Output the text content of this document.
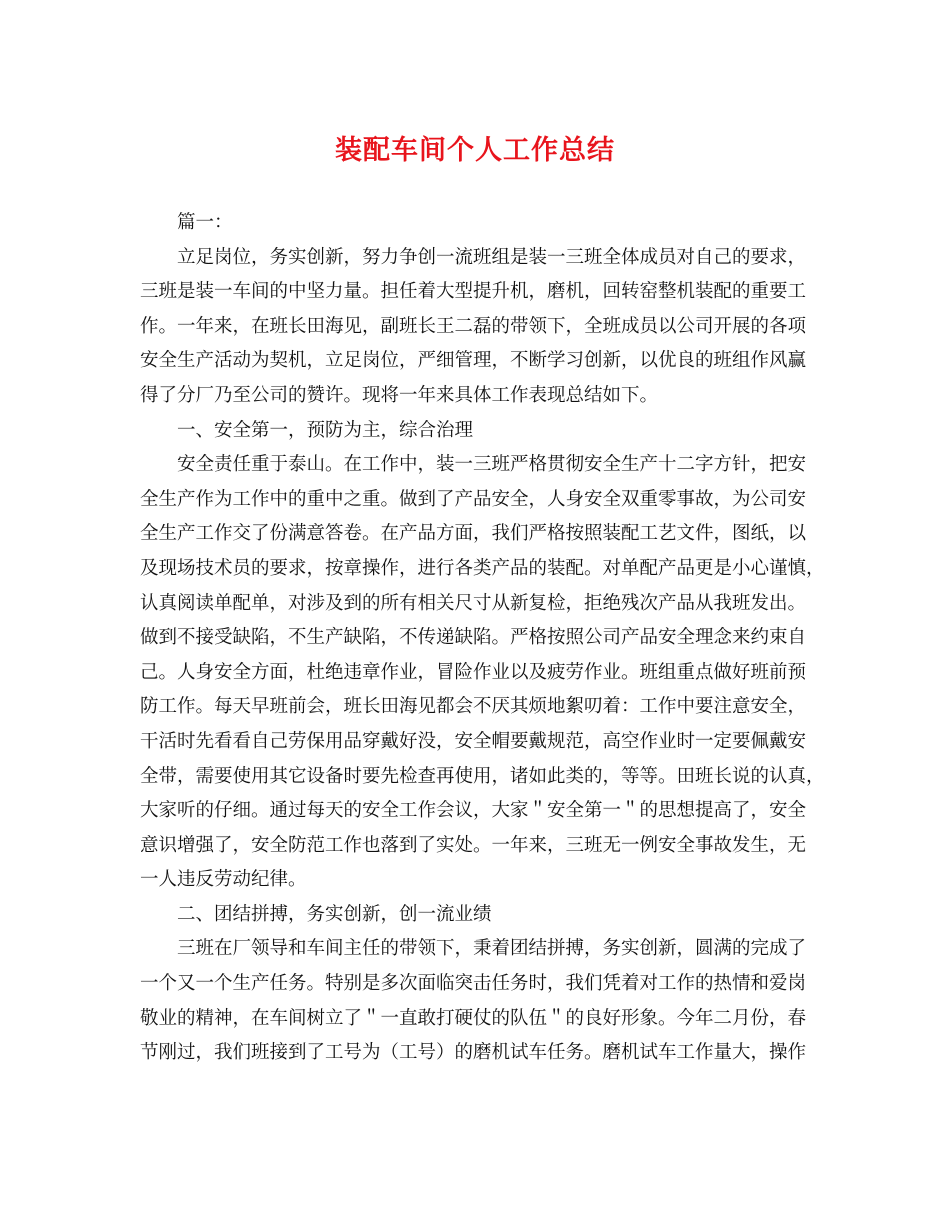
装配车间个人工作总结
篇一：
立足岗位，务实创新，努力争创一流班组是装一三班全体成员对自己的要求，
三班是装一车间的中坚力量。担任着大型提升机，磨机，回转窑整机装配的重要工
作。一年来，在班长田海见，副班长王二磊的带领下，全班成员以公司开展的各项
安全生产活动为契机，立足岗位，严细管理，不断学习创新，以优良的班组作风赢
得了分厂乃至公司的赞许。现将一年来具体工作表现总结如下。
一、安全第一，预防为主，综合治理
安全责任重于泰山。在工作中，装一三班严格贯彻安全生产十二字方针，把安
全生产作为工作中的重中之重。做到了产品安全，人身安全双重零事故，为公司安
全生产工作交了份满意答卷。在产品方面，我们严格按照装配工艺文件，图纸，以
及现场技术员的要求，按章操作，进行各类产品的装配。对单配产品更是小心谨慎，
认真阅读单配单，对涉及到的所有相关尺寸从新复检，拒绝残次产品从我班发出。
做到不接受缺陷，不生产缺陷，不传递缺陷。严格按照公司产品安全理念来约束自
己。人身安全方面，杜绝违章作业，冒险作业以及疲劳作业。班组重点做好班前预
防工作。每天早班前会，班长田海见都会不厌其烦地絮叨着：工作中要注意安全，
干活时先看看自己劳保用品穿戴好没，安全帽要戴规范，高空作业时一定要佩戴安
全带，需要使用其它设备时要先检查再使用，诸如此类的，等等。田班长说的认真，
大家听的仔细。通过每天的安全工作会议，大家＂安全第一＂的思想提高了，安全
意识增强了，安全防范工作也落到了实处。一年来，三班无一例安全事故发生，无
一人违反劳动纪律。
二、团结拼搏，务实创新，创一流业绩
三班在厂领导和车间主任的带领下，秉着团结拼搏，务实创新，圆满的完成了
一个又一个生产任务。特别是多次面临突击任务时，我们凭着对工作的热情和爱岗
敬业的精神，在车间树立了＂一直敢打硬仗的队伍＂的良好形象。今年二月份，春
节刚过，我们班接到了工号为（工号）的磨机试车任务。磨机试车工作量大，操作
